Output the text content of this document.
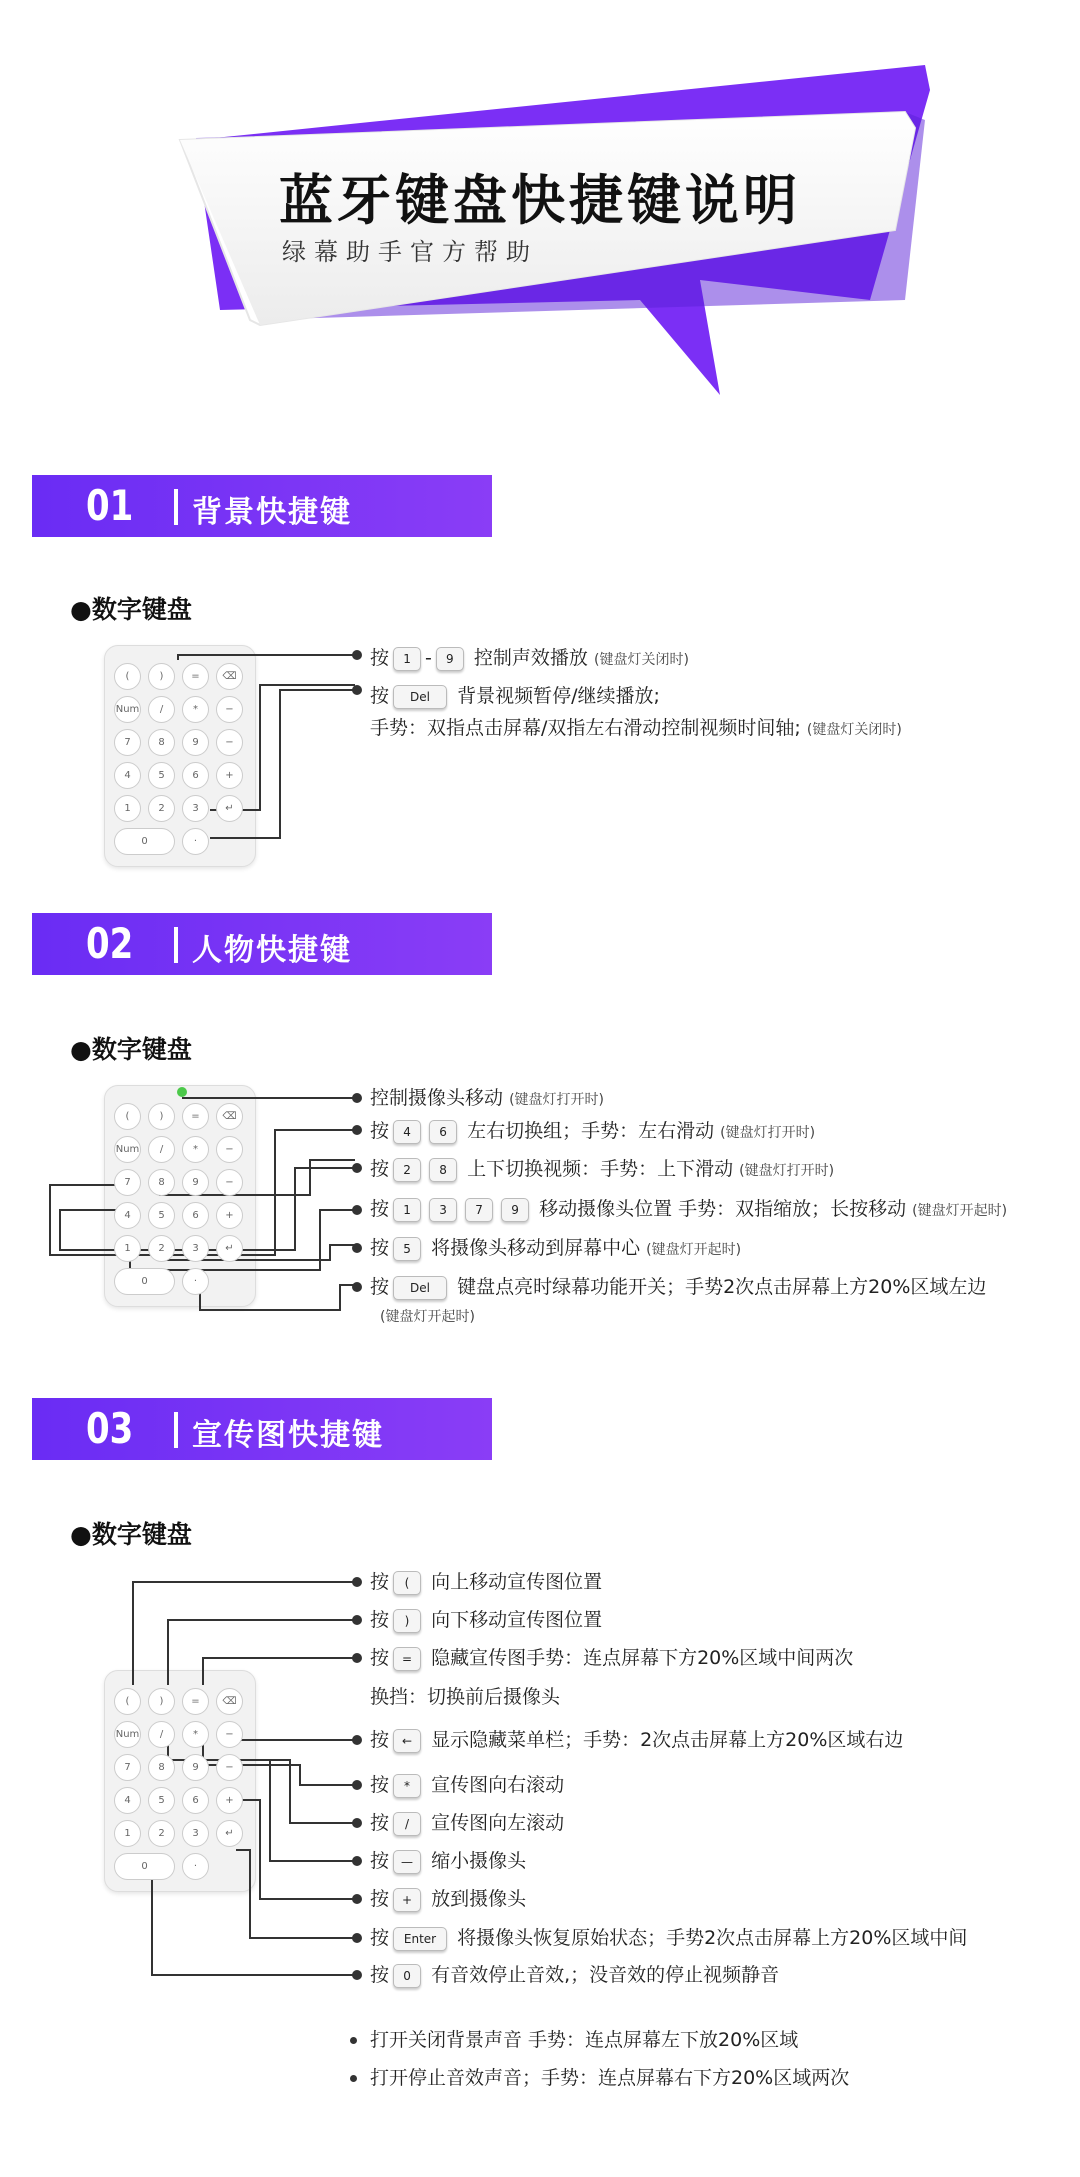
蓝牙键盘快捷键说明
绿幕助手官方帮助
01 背景快捷键
●数字键盘
按 1 - 9 控制声效播放 (键盘灯关闭时)
按 Del 背景视频暂停/继续播放;
手势：双指点击屏幕/双指左右滑动控制视频时间轴; (键盘灯关闭时)
02 人物快捷键
●数字键盘
控制摄像头移动 (键盘灯打开时)
按 4 6 左右切换组；手势：左右滑动 (键盘灯打开时)
按 2 8 上下切换视频：手势：上下滑动 (键盘灯打开时)
按 1 3 7 9 移动摄像头位置 手势：双指缩放；长按移动 (键盘灯开起时)
按 5 将摄像头移动到屏幕中心 (键盘灯开起时)
按 Del 键盘点亮时绿幕功能开关；手势2次点击屏幕上方20%区域左边
(键盘灯开起时)
03 宣传图快捷键
●数字键盘
按 ( 向上移动宣传图位置
按 ) 向下移动宣传图位置
按 = 隐藏宣传图手势：连点屏幕下方20%区域中间两次
换挡：切换前后摄像头
按 ← 显示隐藏菜单栏；手势：2次点击屏幕上方20%区域右边
按 * 宣传图向右滚动
按 / 宣传图向左滚动
按 — 缩小摄像头
按 + 放到摄像头
按 Enter 将摄像头恢复原始状态；手势2次点击屏幕上方20%区域中间
按 0 有音效停止音效,；没音效的停止视频静音
打开关闭背景声音 手势：连点屏幕左下放20%区域
打开停止音效声音；手势：连点屏幕右下方20%区域两次
(	)	=	⌫
Num	/	*	−
7	8	9	−
4	5	6	+
1	2	3	↵
0	·
(	)	=	⌫
Num	/	*	−
7	8	9	−
4	5	6	+
1	2	3	↵
0	·
(	)	=	⌫
Num	/	*	−
7	8	9	−
4	5	6	+
1	2	3	↵
0	·
